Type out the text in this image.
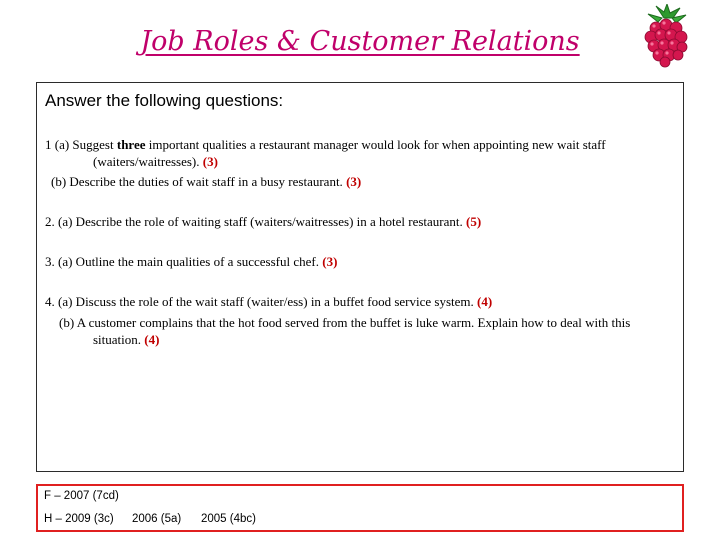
Job Roles & Customer Relations
Answer the following questions:

1 (a) Suggest three important qualities a restaurant manager would look for when appointing new wait staff

(waiters/waitresses). (3)

(b) Describe the duties of wait staff in a busy restaurant. (3)

2. (a) Describe the role of waiting staff (waiters/waitresses) in a hotel restaurant. (5)

3. (a) Outline the main qualities of a successful chef. (3)

4. (a) Discuss the role of the wait staff (waiter/ess) in a buffet food service system. (4)

(b) A customer complains that the hot food served from the buffet is luke warm. Explain how to deal with this

situation. (4)

F – 2007 (7cd)
H – 2009 (3c) 2006 (5a) 2005 (4bc)
